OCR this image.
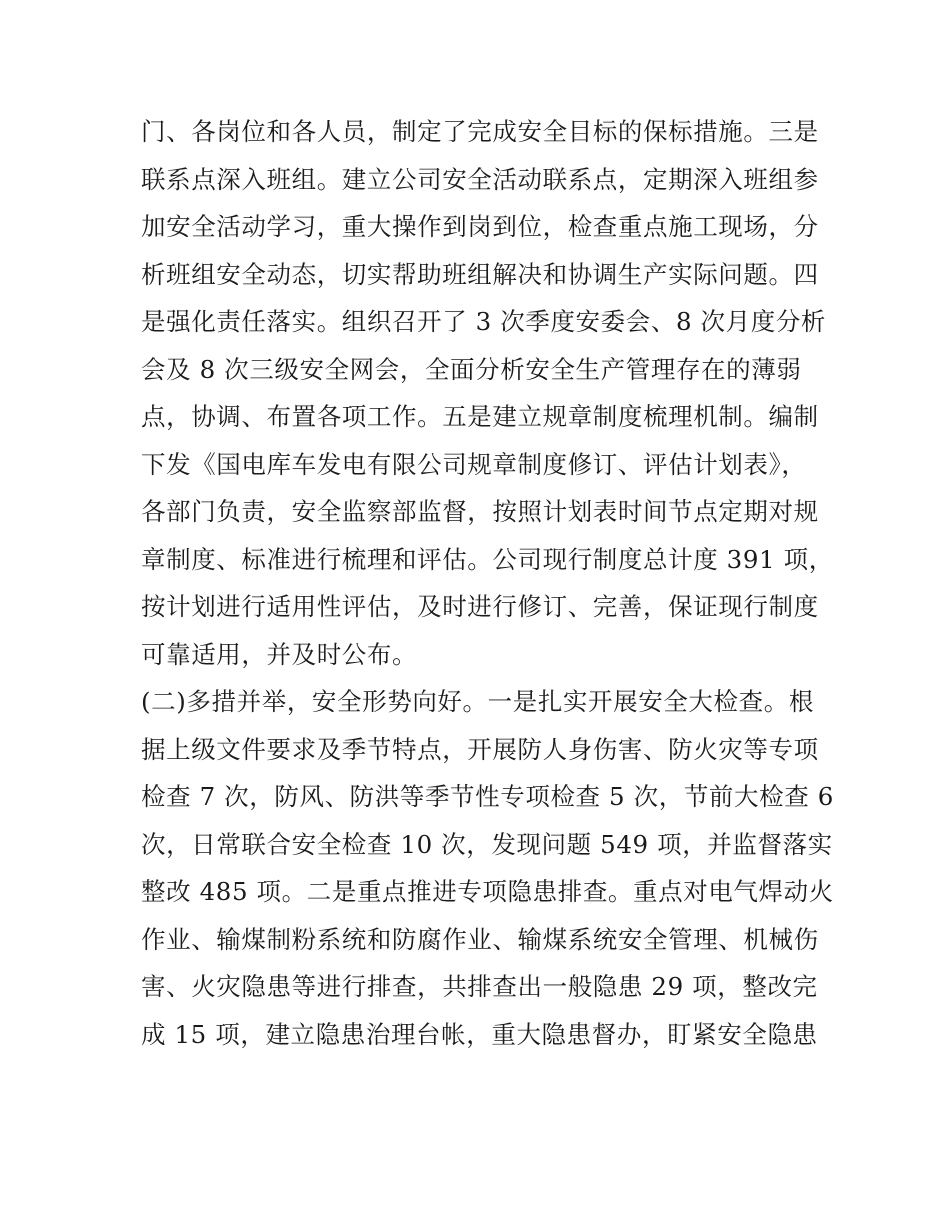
门、各岗位和各人员，制定了完成安全目标的保标措施。三是
联系点深入班组。建立公司安全活动联系点，定期深入班组参
加安全活动学习，重大操作到岗到位，检查重点施工现场，分
析班组安全动态，切实帮助班组解决和协调生产实际问题。四
是强化责任落实。组织召开了 3 次季度安委会、8 次月度分析
会及 8 次三级安全网会，全面分析安全生产管理存在的薄弱
点，协调、布置各项工作。五是建立规章制度梳理机制。编制
下发《国电库车发电有限公司规章制度修订、评估计划表》，
各部门负责，安全监察部监督，按照计划表时间节点定期对规
章制度、标准进行梳理和评估。公司现行制度总计度 391 项，
按计划进行适用性评估，及时进行修订、完善，保证现行制度
可靠适用，并及时公布。
(二)多措并举，安全形势向好。一是扎实开展安全大检查。根
据上级文件要求及季节特点，开展防人身伤害、防火灾等专项
检查 7 次，防风、防洪等季节性专项检查 5 次，节前大检查 6
次，日常联合安全检查 10 次，发现问题 549 项，并监督落实
整改 485 项。二是重点推进专项隐患排查。重点对电气焊动火
作业、输煤制粉系统和防腐作业、输煤系统安全管理、机械伤
害、火灾隐患等进行排查，共排查出一般隐患 29 项，整改完
成 15 项，建立隐患治理台帐，重大隐患督办，盯紧安全隐患
